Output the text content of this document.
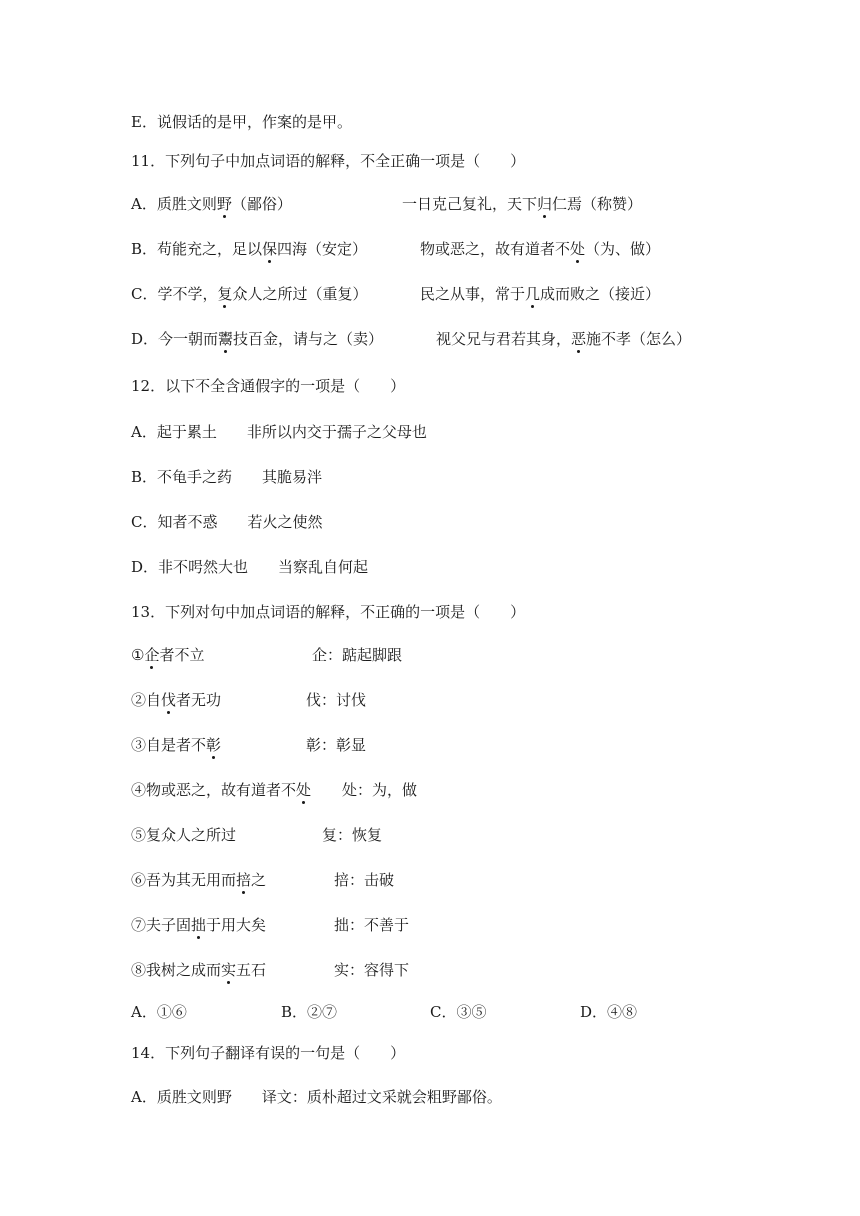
E．说假话的是甲，作案的是甲。
11．下列句子中加点词语的解释，不全正确一项是（　　）
A．质胜文则野（鄙俗）	一日克己复礼，天下归仁焉（称赞）
B．苟能充之，足以保四海（安定）	物或恶之，故有道者不处（为、做）
C．学不学，复众人之所过（重复）	民之从事，常于几成而败之（接近）
D．今一朝而鬻技百金，请与之（卖）	视父兄与君若其身，恶施不孝（怎么）
12．以下不全含通假字的一项是（　　）
A．起于累土　　非所以内交于孺子之父母也
B．不龟手之药　　其脆易泮
C．知者不惑　　若火之使然
D．非不呺然大也　　当察乱自何起
13．下列对句中加点词语的解释，不正确的一项是（　　）
①企者不立	企：踮起脚跟
②自伐者无功	伐：讨伐
③自是者不彰	彰：彰显
④物或恶之，故有道者不处 处：为，做
⑤复众人之所过	复：恢复
⑥吾为其无用而掊之	掊：击破
⑦夫子固拙于用大矣	拙：不善于
⑧我树之成而实五石	实：容得下
A．①⑥	B．②⑦	C．③⑤	D．④⑧
14．下列句子翻译有误的一句是（　　）
A．质胜文则野　　译文：质朴超过文采就会粗野鄙俗。
